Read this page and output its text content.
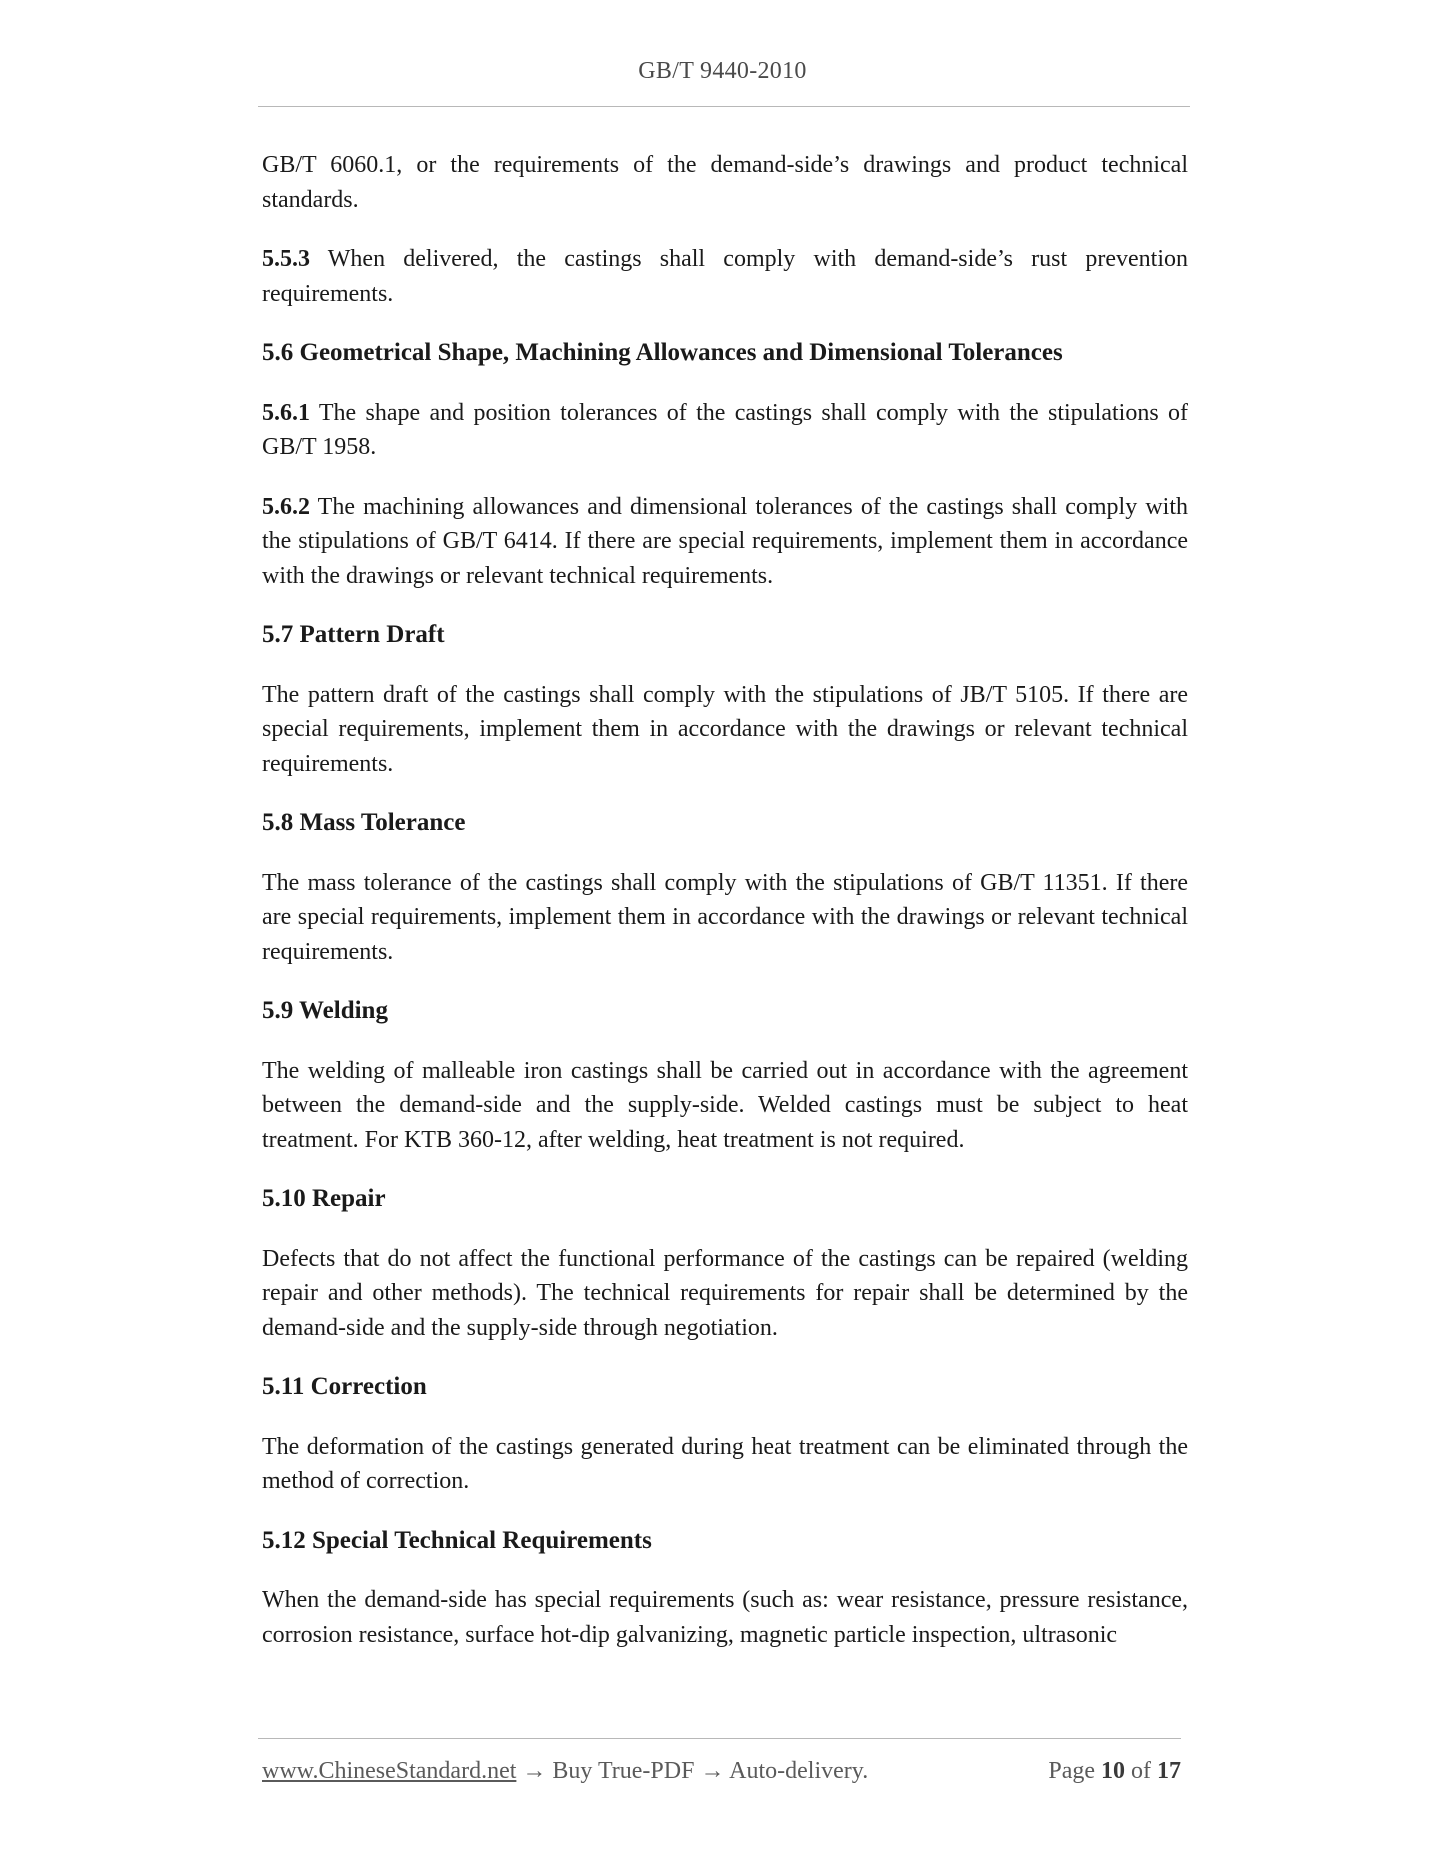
GB/T 9440-2010

GB/T 6060.1, or the requirements of the demand-side’s drawings and product technical standards.

5.5.3 When delivered, the castings shall comply with demand-side’s rust prevention requirements.

5.6 Geometrical Shape, Machining Allowances and Dimensional Tolerances

5.6.1 The shape and position tolerances of the castings shall comply with the stipulations of GB/T 1958.

5.6.2 The machining allowances and dimensional tolerances of the castings shall comply with the stipulations of GB/T 6414. If there are special requirements, implement them in accordance with the drawings or relevant technical requirements.

5.7 Pattern Draft

The pattern draft of the castings shall comply with the stipulations of JB/T 5105. If there are special requirements, implement them in accordance with the drawings or relevant technical requirements.

5.8 Mass Tolerance

The mass tolerance of the castings shall comply with the stipulations of GB/T 11351. If there are special requirements, implement them in accordance with the drawings or relevant technical requirements.

5.9 Welding

The welding of malleable iron castings shall be carried out in accordance with the agreement between the demand-side and the supply-side. Welded castings must be subject to heat treatment. For KTB 360-12, after welding, heat treatment is not required.

5.10 Repair

Defects that do not affect the functional performance of the castings can be repaired (welding repair and other methods). The technical requirements for repair shall be determined by the demand-side and the supply-side through negotiation.

5.11 Correction

The deformation of the castings generated during heat treatment can be eliminated through the method of correction.

5.12 Special Technical Requirements

When the demand-side has special requirements (such as: wear resistance, pressure resistance, corrosion resistance, surface hot-dip galvanizing, magnetic particle inspection, ultrasonic

www.ChineseStandard.net → Buy True-PDF → Auto-delivery.	Page 10 of 17
